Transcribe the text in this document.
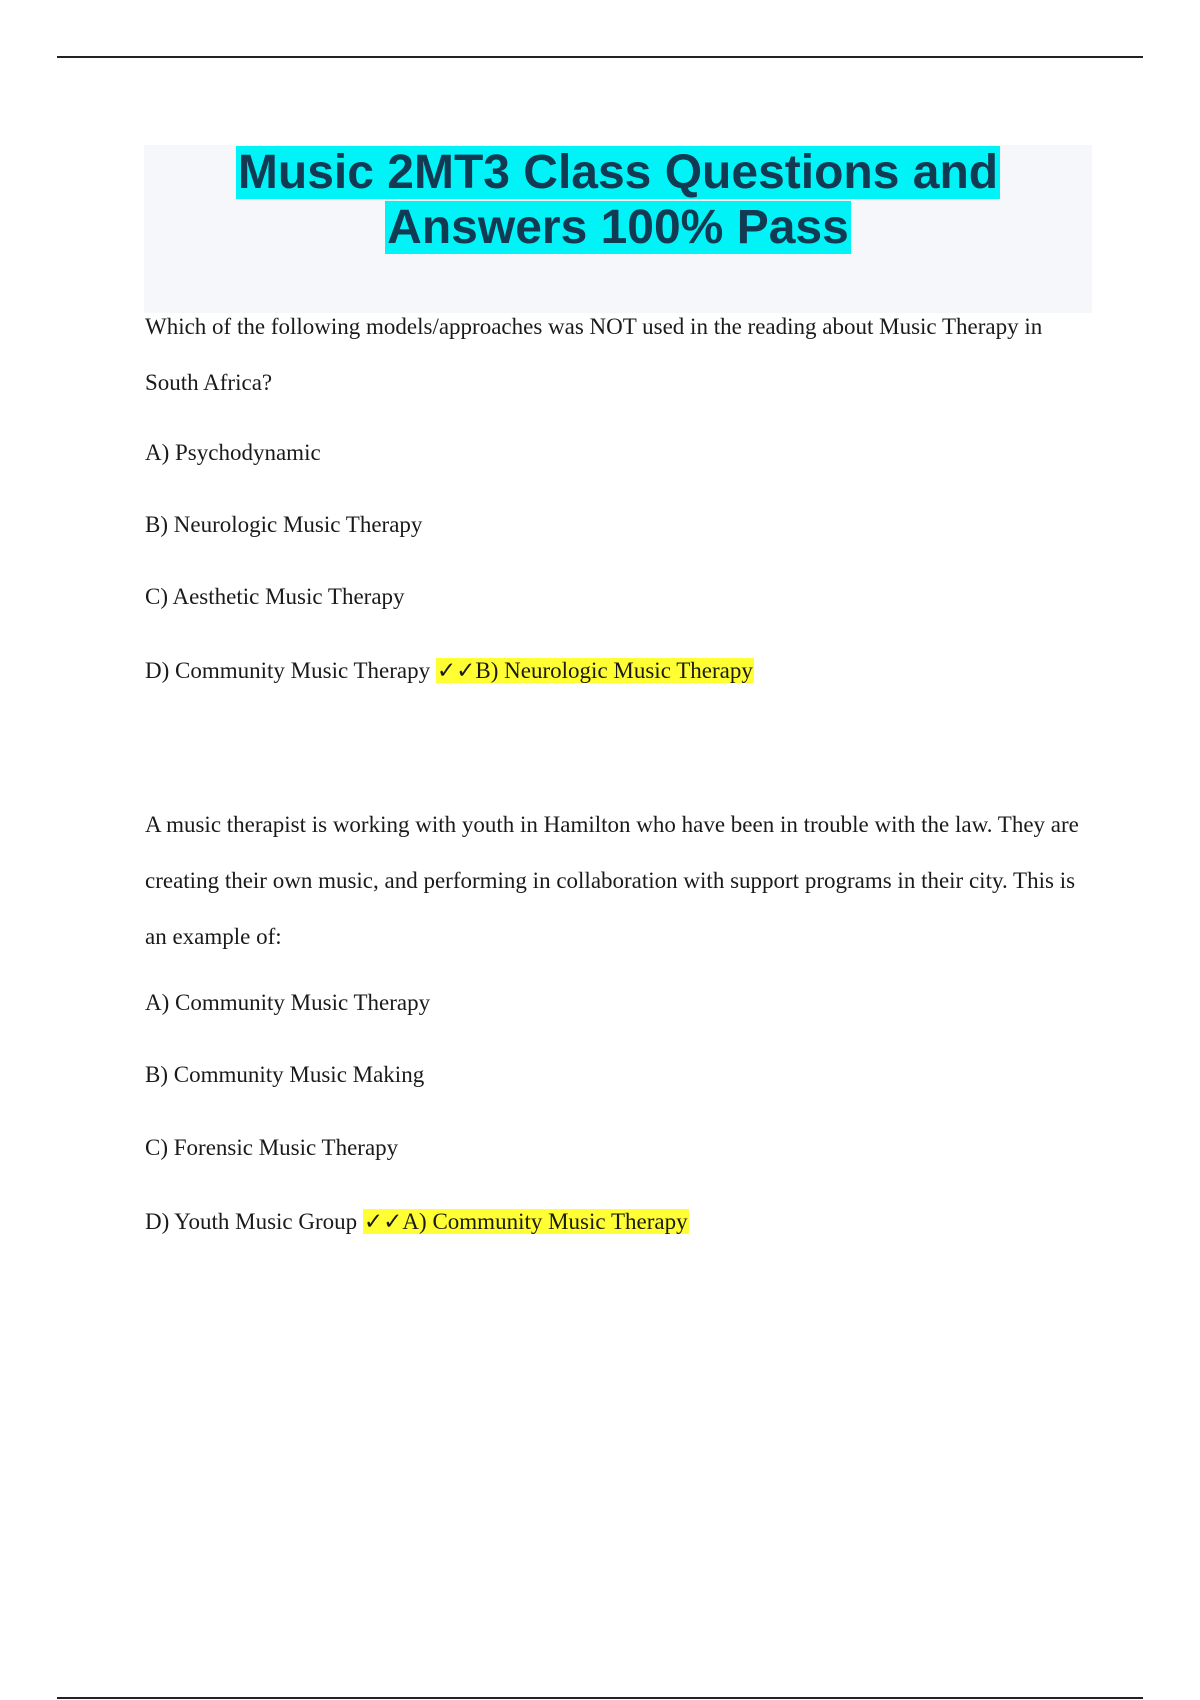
Music 2MT3 Class Questions and
Answers 100% Pass
Which of the following models/approaches was NOT used in the reading about Music Therapy in South Africa?
A) Psychodynamic
B) Neurologic Music Therapy
C) Aesthetic Music Therapy
D) Community Music Therapy ✓✓B) Neurologic Music Therapy
A music therapist is working with youth in Hamilton who have been in trouble with the law. They are creating their own music, and performing in collaboration with support programs in their city. This is an example of:
A) Community Music Therapy
B) Community Music Making
C) Forensic Music Therapy
D) Youth Music Group ✓✓A) Community Music Therapy
